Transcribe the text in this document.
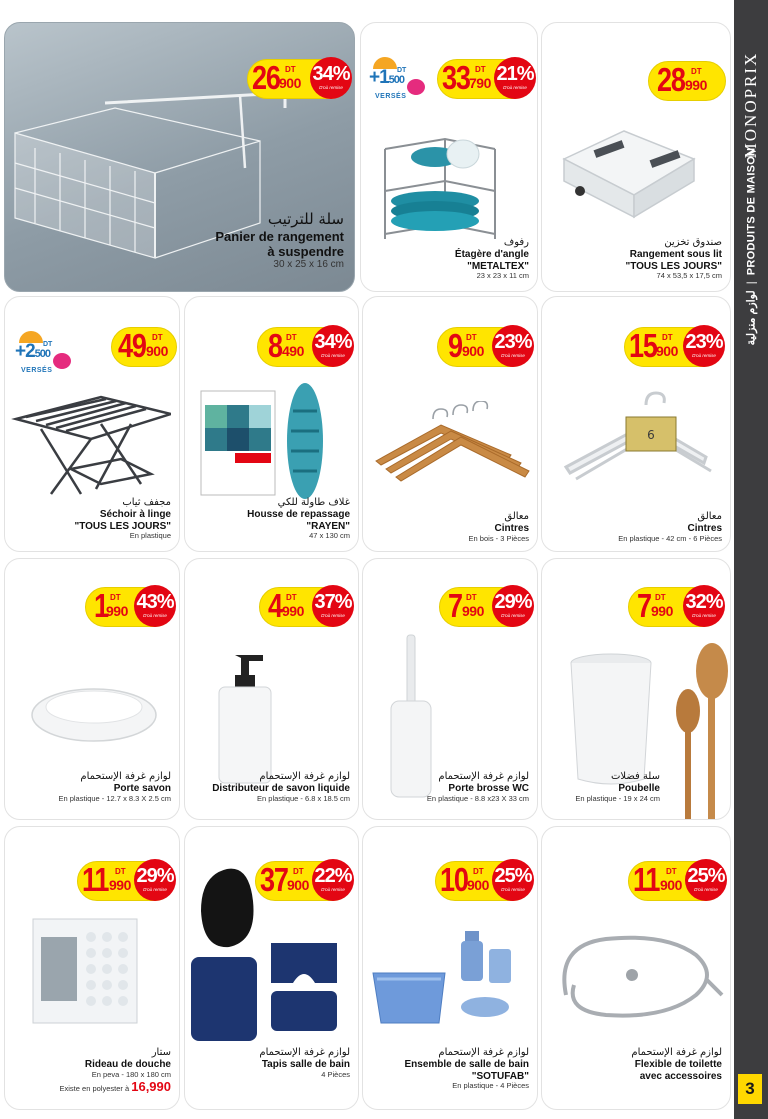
MONOPRIX
لوازم منزلية|PRODUITS DE MAISON
3
26 DT
900 34%
D'où remise
سلة للترتيب
Panier de rangement
à suspendre
30 x 25 x 16 cm
+1500
DT
VERSÉS
33 DT
790 21%
D'où remise
رفوف
Étagère d'angle
"METALTEX"
23 x 23 x 11 cm
28 DT
990
صندوق تخزين
Rangement sous lit
"TOUS LES JOURS"
74 x 53,5 x 17,5 cm
+2500
DT
VERSÉS
49 DT
900
مجفف ثياب
Séchoir à linge
"TOUS LES JOURS"
En plastique
8 DT
490 34%
D'où remise
غلاف طاولة للكي
Housse de repassage
"RAYEN"
47 x 130 cm
9 DT
900 23%
D'où remise
معالق
Cintres
En bois - 3 Pièces
15 DT
900 23%
D'où remise
6
معالق
Cintres
En plastique - 42 cm - 6 Pièces
1 DT
990 43%
D'où remise
لوازم غرفة الإستحمام
Porte savon
En plastique - 12.7 x 8.3 X 2.5 cm
4 DT
990 37%
D'où remise
لوازم غرفة الإستحمام
Distributeur de savon liquide
En plastique - 6.8 x 18.5 cm
7 DT
990 29%
D'où remise
لوازم غرفة الإستحمام
Porte brosse WC
En plastique - 8.8 x23 X 33 cm
7 DT
990 32%
D'où remise
سلة فضلات
Poubelle
En plastique - 19 x 24 cm
11 DT
990 29%
D'où remise
ستار
Rideau de douche
En peva - 180 x 180 cm
Existe en polyester à 16,990
37 DT
900 22%
D'où remise
لوازم غرفة الإستحمام
Tapis salle de bain
4 Pièces
10 DT
900 25%
D'où remise
لوازم غرفة الإستحمام
Ensemble de salle de bain
"SOTUFAB"
En plastique - 4 Pièces
11 DT
900 25%
D'où remise
لوازم غرفة الإستحمام
Flexible de toilette
avec accessoires
